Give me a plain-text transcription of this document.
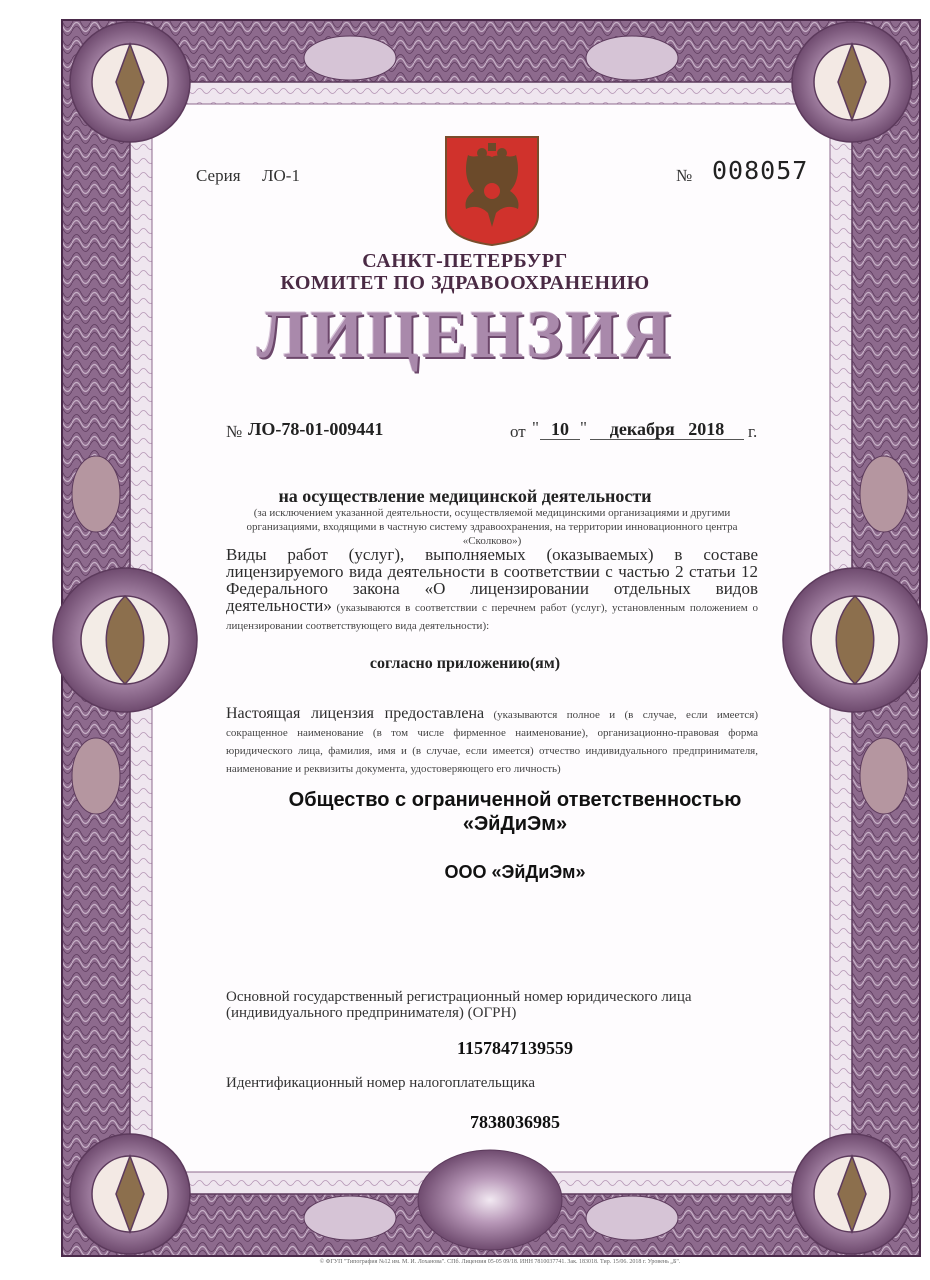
Серия ЛО-1	№ 008057
САНКТ-ПЕТЕРБУРГ
КОМИТЕТ ПО ЗДРАВООХРАНЕНИЮ
ЛИЦЕНЗИЯ
№ ЛО-78-01-009441	от " 10 "	декабря   2018	г.
на осуществление медицинской деятельности
(за исключением указанной деятельности, осуществляемой медицинскими организациями и другими организациями, входящими в частную систему здравоохранения, на территории инновационного центра «Сколково»)
Виды работ (услуг), выполняемых (оказываемых) в составе лицензируемого вида деятельности в соответствии с частью 2 статьи 12 Федерального закона «О лицензировании отдельных видов деятельности» (указываются в соответствии с перечнем работ (услуг), установленным положением о лицензировании соответствующего вида деятельности):
согласно приложению(ям)
Настоящая лицензия предоставлена (указываются полное и (в случае, если имеется) сокращенное наименование (в том числе фирменное наименование), организационно-правовая форма юридического лица, фамилия, имя и (в случае, если имеется) отчество индивидуального предпринимателя, наименование и реквизиты документа, удостоверяющего его личность)
Общество с ограниченной ответственностью
«ЭйДиЭм»
ООО «ЭйДиЭм»
Основной государственный регистрационный номер юридического лица (индивидуального предпринимателя) (ОГРН)
1157847139559
Идентификационный номер налогоплательщика
7838036985
© ФГУП "Типография №12 им. М. И. Лоханова". СПб. Лицензия 05-05 09/18. ИНН 7810037741. Зак. 183018. Тир. 15/06. 2018 г. Уровень „Б".
